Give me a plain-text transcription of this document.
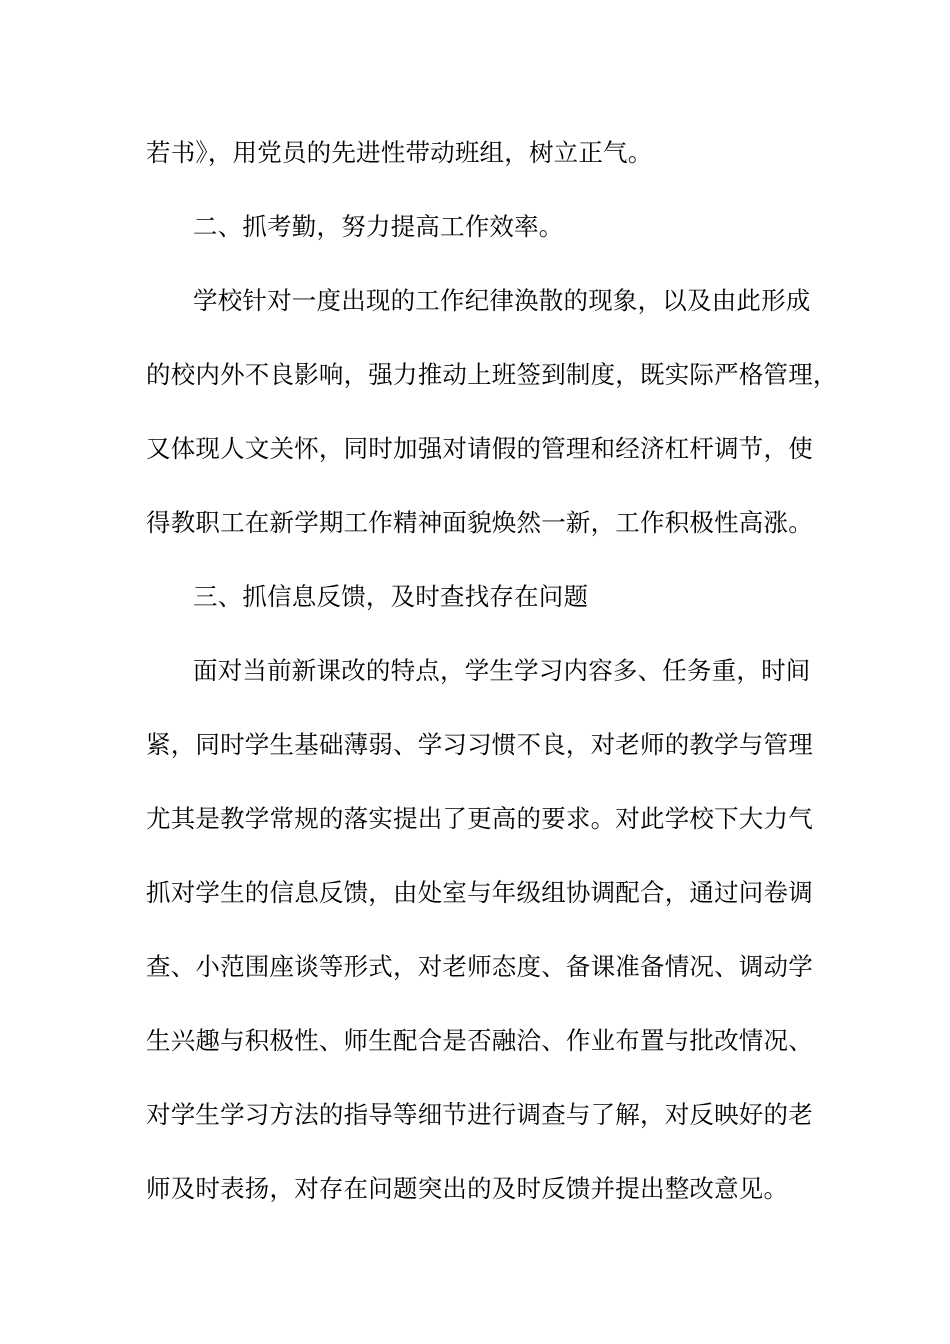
若书》，用党员的先进性带动班组，树立正气。
二、抓考勤，努力提高工作效率。
学校针对一度出现的工作纪律涣散的现象，以及由此形成
的校内外不良影响，强力推动上班签到制度，既实际严格管理，
又体现人文关怀，同时加强对请假的管理和经济杠杆调节，使
得教职工在新学期工作精神面貌焕然一新，工作积极性高涨。
三、抓信息反馈，及时查找存在问题
面对当前新课改的特点，学生学习内容多、任务重，时间
紧，同时学生基础薄弱、学习习惯不良，对老师的教学与管理
尤其是教学常规的落实提出了更高的要求。对此学校下大力气
抓对学生的信息反馈，由处室与年级组协调配合，通过问卷调
查、小范围座谈等形式，对老师态度、备课准备情况、调动学
生兴趣与积极性、师生配合是否融洽、作业布置与批改情况、
对学生学习方法的指导等细节进行调查与了解，对反映好的老
师及时表扬，对存在问题突出的及时反馈并提出整改意见。
